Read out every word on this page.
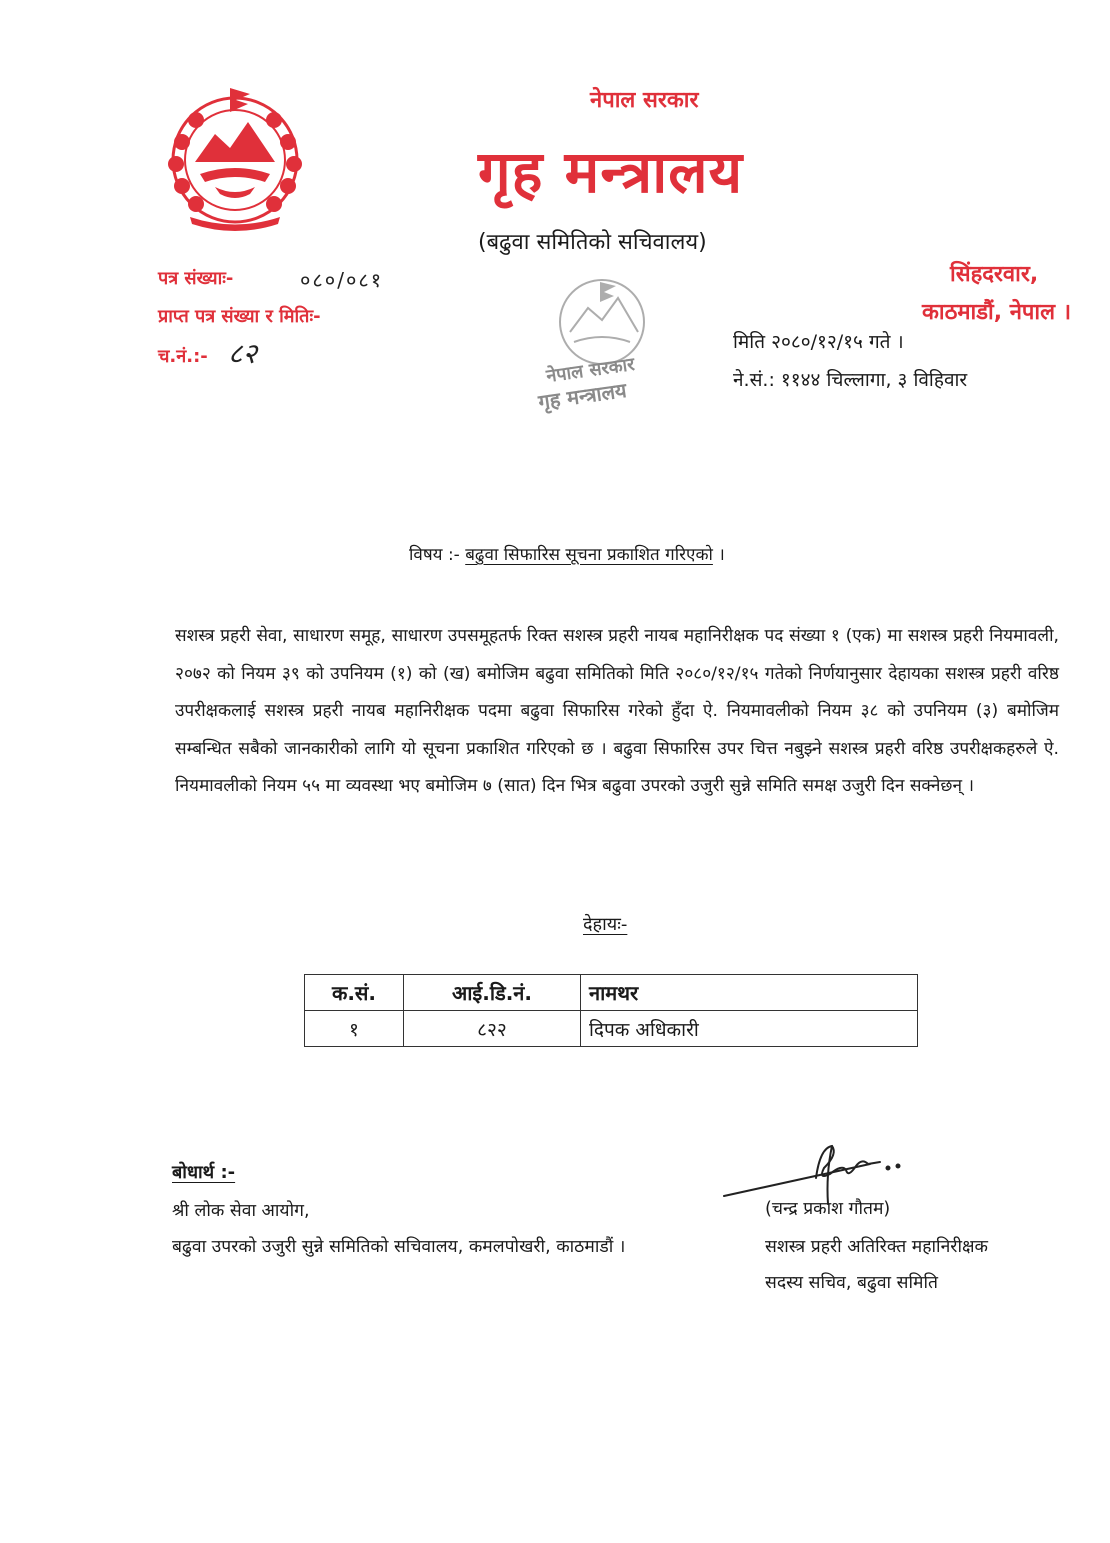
नेपाल सरकार
गृह मन्त्रालय
(बढुवा समितिको सचिवालय)
नेपाल सरकार
गृह मन्त्रालय
पत्र संख्याः-	०८०/०८१
प्राप्त पत्र संख्या र मितिः-
च.नं.:- ८२
सिंहदरवार,
काठमाडौं, नेपाल ।
मिति २०८०/१२/१५ गते ।
ने.सं.: ११४४ चिल्लागा, ३ विहिवार
विषय :- बढुवा सिफारिस सूचना प्रकाशित गरिएको ।
सशस्त्र प्रहरी सेवा, साधारण समूह, साधारण उपसमूहतर्फ रिक्त सशस्त्र प्रहरी नायब महानिरीक्षक पद संख्या १ (एक) मा सशस्त्र प्रहरी नियमावली, २०७२ को नियम ३९ को उपनियम (१) को (ख) बमोजिम बढुवा समितिको मिति २०८०/१२/१५ गतेको निर्णयानुसार देहायका सशस्त्र प्रहरी वरिष्ठ उपरीक्षकलाई सशस्त्र प्रहरी नायब महानिरीक्षक पदमा बढुवा सिफारिस गरेको हुँदा ऐ. नियमावलीको नियम ३८ को उपनियम (३) बमोजिम सम्बन्धित सबैको जानकारीको लागि यो सूचना प्रकाशित गरिएको छ । बढुवा सिफारिस उपर चित्त नबुझ्ने सशस्त्र प्रहरी वरिष्ठ उपरीक्षकहरुले ऐ. नियमावलीको नियम ५५ मा व्यवस्था भए बमोजिम ७ (सात) दिन भित्र बढुवा उपरको उजुरी सुन्ने समिति समक्ष उजुरी दिन सक्नेछन् ।
देहायः-
क.सं.	आई.डि.नं.	नामथर
१	८२२	दिपक अधिकारी
बोधार्थ :-
श्री लोक सेवा आयोग,
बढुवा उपरको उजुरी सुन्ने समितिको सचिवालय, कमलपोखरी, काठमाडौं ।
(चन्द्र प्रकाश गौतम)
सशस्त्र प्रहरी अतिरिक्त महानिरीक्षक
सदस्य सचिव, बढुवा समिति
